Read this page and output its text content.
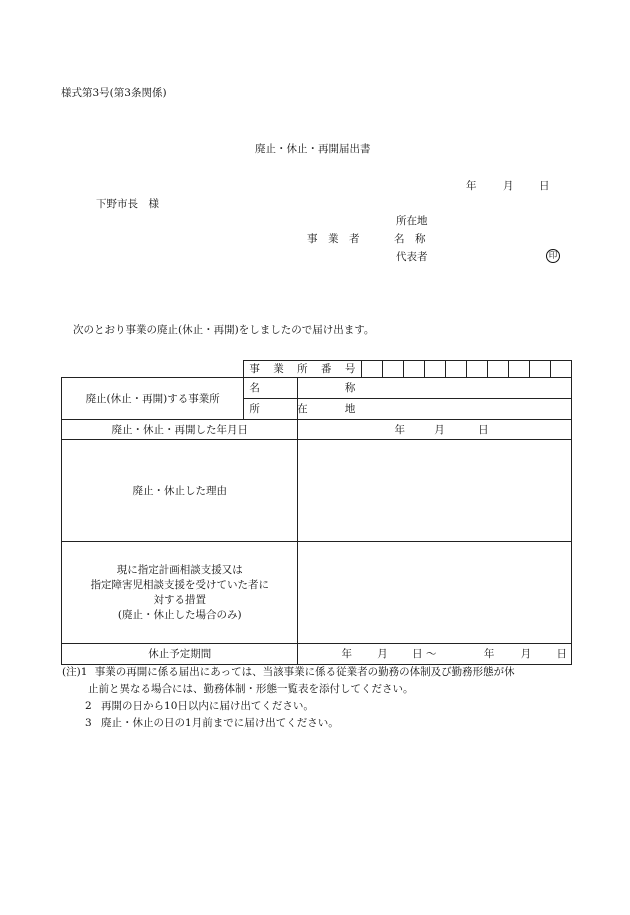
様式第3号(第3条関係)
廃止・休止・再開届出書
年	月 日
下野市長　様
所在地
事　業　者	名　称
代表者	印
次のとおり事業の廃止(休止・再開)をしましたので届け出ます。

	事 業 所 番 号											

廃止(休止・再開)する事業所	名 称											

	所 在 地											

廃止・休止・再開した年月日		年 月 日										
廃止・休止した理由												

現に指定計画相談支援又は
指定障害児相談支援を受けていた者に
対する措置
(廃止・休止した場合のみ)												

休止予定期間		年 月 日 〜 年 月 日										
(注)1 事業の再開に係る届出にあっては、当該事業に係る従業者の勤務の体制及び勤務形態が休
止前と異なる場合には、勤務体制・形態一覧表を添付してください。
2 再開の日から10日以内に届け出てください。
3 廃止・休止の日の1月前までに届け出てください。
